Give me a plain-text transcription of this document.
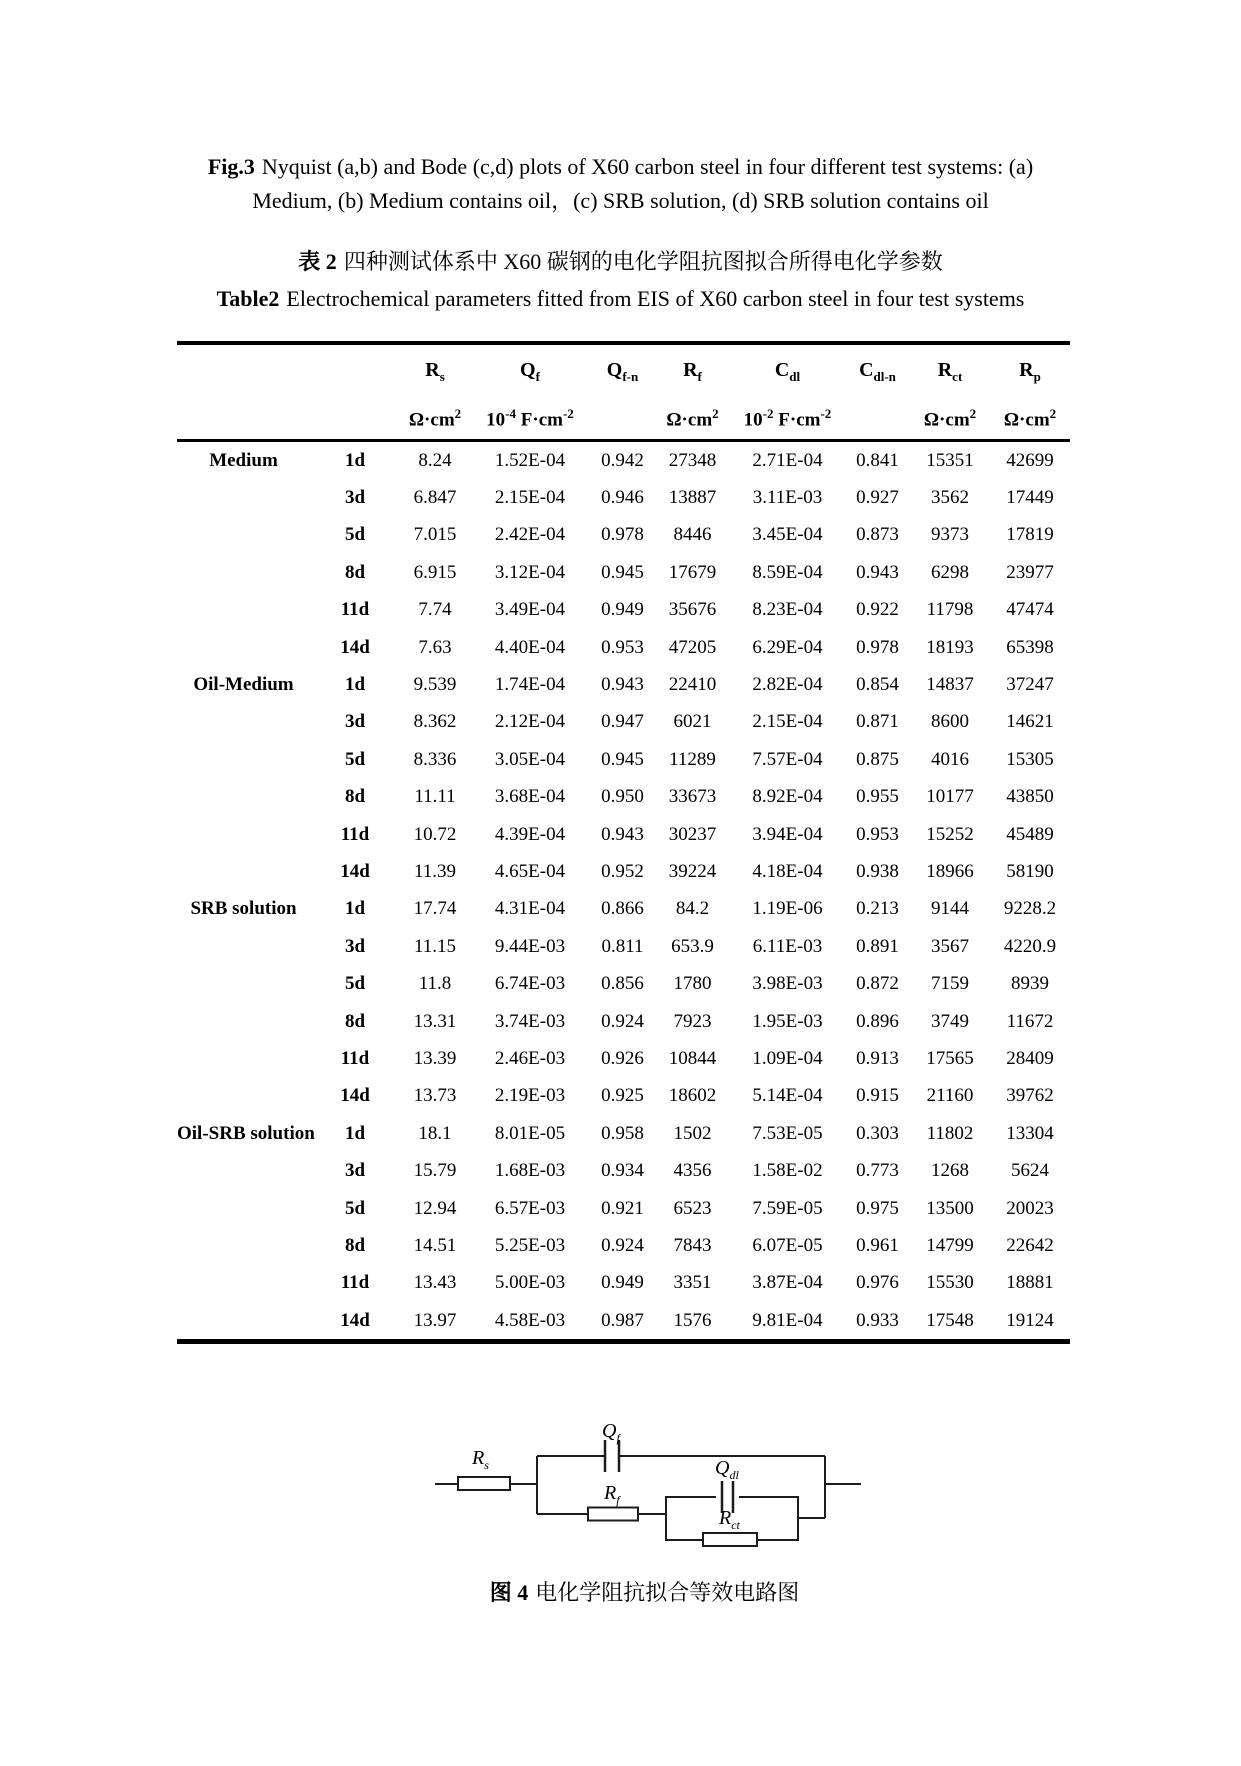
Fig.3 Nyquist (a,b) and Bode (c,d) plots of X60 carbon steel in four different test systems: (a)
Medium, (b) Medium contains oil，(c) SRB solution, (d) SRB solution contains oil

表 2 四种测试体系中 X60 碳钢的电化学阻抗图拟合所得电化学参数

Table2 Electrochemical parameters fitted from EIS of X60 carbon steel in four test systems

		$R_s$	$Q_f$	$Q_{f-n}$	$R_f$	$C_{dl}$	$C_{dl-n}$	$R_{ct}$	$R_p$
		$\Omega\cdot cm^2$	$10^{-4}$ $F\cdot cm^{-2}$		$\Omega\cdot cm^2$	$10^{-2}$ $F\cdot cm^{-2}$		$\Omega\cdot cm^2$	$\Omega\cdot cm^2$
Medium	1d	8.24	1.52E-04	0.942	27348	2.71E-04	0.841	15351	42699
	3d	6.847	2.15E-04	0.946	13887	3.11E-03	0.927	3562	17449
	5d	7.015	2.42E-04	0.978	8446	3.45E-04	0.873	9373	17819
	8d	6.915	3.12E-04	0.945	17679	8.59E-04	0.943	6298	23977
	11d	7.74	3.49E-04	0.949	35676	8.23E-04	0.922	11798	47474
	14d	7.63	4.40E-04	0.953	47205	6.29E-04	0.978	18193	65398
Oil-Medium	1d	9.539	1.74E-04	0.943	22410	2.82E-04	0.854	14837	37247
	3d	8.362	2.12E-04	0.947	6021	2.15E-04	0.871	8600	14621
	5d	8.336	3.05E-04	0.945	11289	7.57E-04	0.875	4016	15305
	8d	11.11	3.68E-04	0.950	33673	8.92E-04	0.955	10177	43850
	11d	10.72	4.39E-04	0.943	30237	3.94E-04	0.953	15252	45489
	14d	11.39	4.65E-04	0.952	39224	4.18E-04	0.938	18966	58190
SRB solution	1d	17.74	4.31E-04	0.866	84.2	1.19E-06	0.213	9144	9228.2
	3d	11.15	9.44E-03	0.811	653.9	6.11E-03	0.891	3567	4220.9
	5d	11.8	6.74E-03	0.856	1780	3.98E-03	0.872	7159	8939
	8d	13.31	3.74E-03	0.924	7923	1.95E-03	0.896	3749	11672
	11d	13.39	2.46E-03	0.926	10844	1.09E-04	0.913	17565	28409
	14d	13.73	2.19E-03	0.925	18602	5.14E-04	0.915	21160	39762
Oil-SRB solution	1d	18.1	8.01E-05	0.958	1502	7.53E-05	0.303	11802	13304
	3d	15.79	1.68E-03	0.934	4356	1.58E-02	0.773	1268	5624
	5d	12.94	6.57E-03	0.921	6523	7.59E-05	0.975	13500	20023
	8d	14.51	5.25E-03	0.924	7843	6.07E-05	0.961	14799	22642
	11d	13.43	5.00E-03	0.949	3351	3.87E-04	0.976	15530	18881
	14d	13.97	4.58E-03	0.987	1576	9.81E-04	0.933	17548	19124
$R_s$
$Q_f$
$R_f$
$Q_{dl}$
$R_{ct}$

图 4 电化学阻抗拟合等效电路图
